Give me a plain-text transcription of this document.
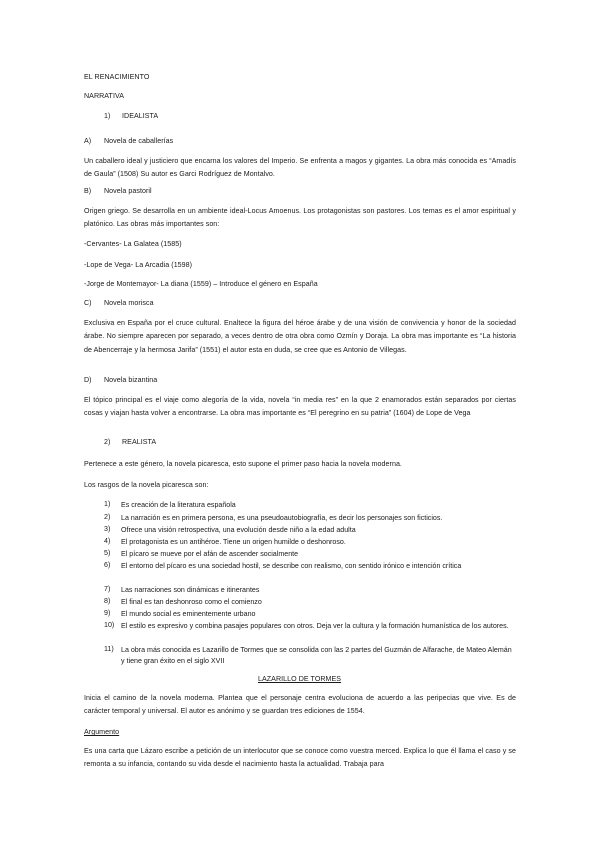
EL RENACIMIENTO
NARRATIVA
1) IDEALISTA
A) Novela de caballerías
Un caballero ideal y justiciero que encarna los valores del Imperio. Se enfrenta a magos y gigantes. La obra más conocida es “Amadís de Gaula” (1508) Su autor es Garci Rodríguez de Montalvo.
B) Novela pastoril
Origen griego. Se desarrolla en un ambiente ideal-Locus Amoenus. Los protagonistas son pastores. Los temas es el amor espiritual y platónico. Las obras más importantes son:
-Cervantes- La Galatea (1585)
-Lope de Vega- La Arcadia (1598)
-Jorge de Montemayor- La diana (1559) – Introduce el género en España
C) Novela morisca
Exclusiva en España por el cruce cultural. Enaltece la figura del héroe árabe y de una visión de convivencia y honor de la sociedad árabe. No siempre aparecen por separado, a veces dentro de otra obra como Ozmín y Doraja. La obra mas importante es “La historia de Abencerraje y la hermosa Jarifa” (1551) el autor esta en duda, se cree que es Antonio de Villegas.
D) Novela bizantina
El tópico principal es el viaje como alegoría de la vida, novela “in media res” en la que 2 enamorados están separados por ciertas cosas y viajan hasta volver a encontrarse. La obra mas importante es “El peregrino en su patria” (1604) de Lope de Vega
2) REALISTA
Pertenece a este género, la novela picaresca, esto supone el primer paso hacia la novela moderna.
Los rasgos de la novela picaresca son:
1)	Es creación de la literatura española
2)	La narración es en primera persona, es una pseudoautobiografía, es decir los personajes son ficticios.
3)	Ofrece una visión retrospectiva, una evolución desde niño a la edad adulta
4)	El protagonista es un antihéroe. Tiene un origen humilde o deshonroso.
5)	El pícaro se mueve por el afán de ascender socialmente
6)	El entorno del pícaro es una sociedad hostil, se describe con realismo, con sentido irónico e intención crítica
7)	Las narraciones son dinámicas e itinerantes
8)	El final es tan deshonroso como el comienzo
9)	El mundo social es eminentemente urbano
10) El estilo es expresivo y combina pasajes populares con otros. Deja ver la cultura y la formación humanística de los autores.
11)	La obra más conocida es Lazarillo de Tormes que se consolida con las 2 partes del Guzmán de Alfarache, de Mateo Alemán y tiene gran éxito en el siglo XVII
LAZARILLO DE TORMES
Inicia el camino de la novela moderna. Plantea que el personaje centra evoluciona de acuerdo a las peripecias que vive. Es de carácter temporal y universal. El autor es anónimo y se guardan tres ediciones de 1554.
Argumento
Es una carta que Lázaro escribe a petición de un interlocutor que se conoce como vuestra merced. Explica lo que él llama el caso y se remonta a su infancia, contando su vida desde el nacimiento hasta la actualidad. Trabaja para
